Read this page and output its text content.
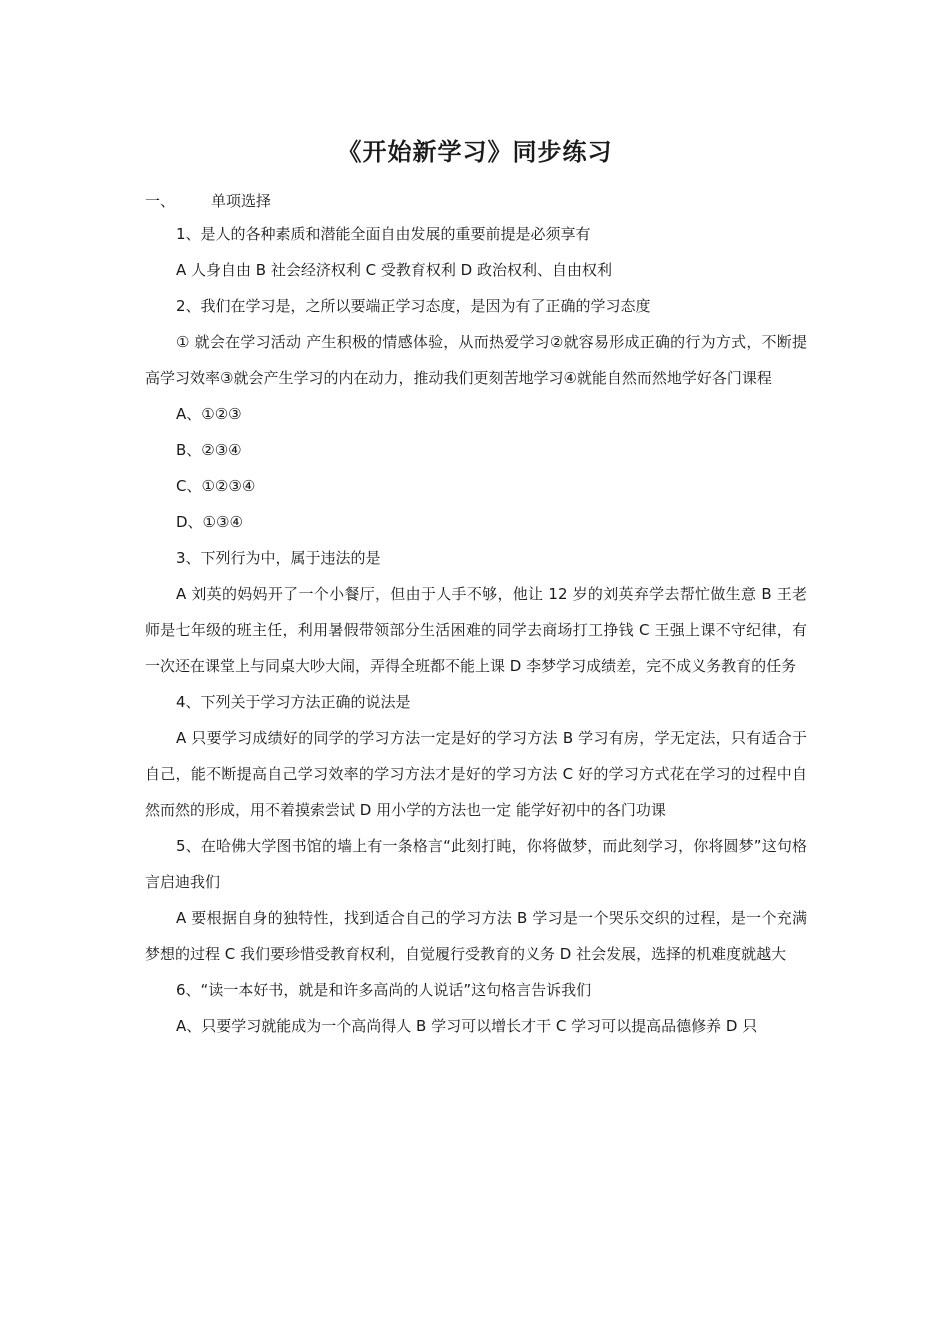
《开始新学习》同步练习
一、 单项选择

1、是人的各种素质和潜能全面自由发展的重要前提是必须享有

A 人身自由 B 社会经济权利 C 受教育权利 D 政治权利、自由权利

2、我们在学习是，之所以要端正学习态度，是因为有了正确的学习态度

① 就会在学习活动 产生积极的情感体验，从而热爱学习②就容易形成正确的行为方式，不断提高学习效率③就会产生学习的内在动力，推动我们更刻苦地学习④就能自然而然地学好各门课程

A、①②③

B、②③④

C、①②③④

D、①③④

3、下列行为中，属于违法的是

A 刘英的妈妈开了一个小餐厅，但由于人手不够，他让 12 岁的刘英弃学去帮忙做生意 B 王老师是七年级的班主任，利用暑假带领部分生活困难的同学去商场打工挣钱 C 王强上课不守纪律，有一次还在课堂上与同桌大吵大闹，弄得全班都不能上课 D 李梦学习成绩差，完不成义务教育的任务

4、下列关于学习方法正确的说法是

A 只要学习成绩好的同学的学习方法一定是好的学习方法 B 学习有房，学无定法，只有适合于自己，能不断提高自己学习效率的学习方法才是好的学习方法 C 好的学习方式花在学习的过程中自然而然的形成，用不着摸索尝试 D 用小学的方法也一定 能学好初中的各门功课

5、在哈佛大学图书馆的墙上有一条格言“此刻打盹，你将做梦，而此刻学习，你将圆梦”这句格言启迪我们

A 要根据自身的独特性，找到适合自己的学习方法 B 学习是一个哭乐交织的过程，是一个充满梦想的过程 C 我们要珍惜受教育权利，自觉履行受教育的义务 D 社会发展，选择的机难度就越大

6、“读一本好书，就是和许多高尚的人说话”这句格言告诉我们

A、只要学习就能成为一个高尚得人 B 学习可以增长才干 C 学习可以提高品德修养 D 只
